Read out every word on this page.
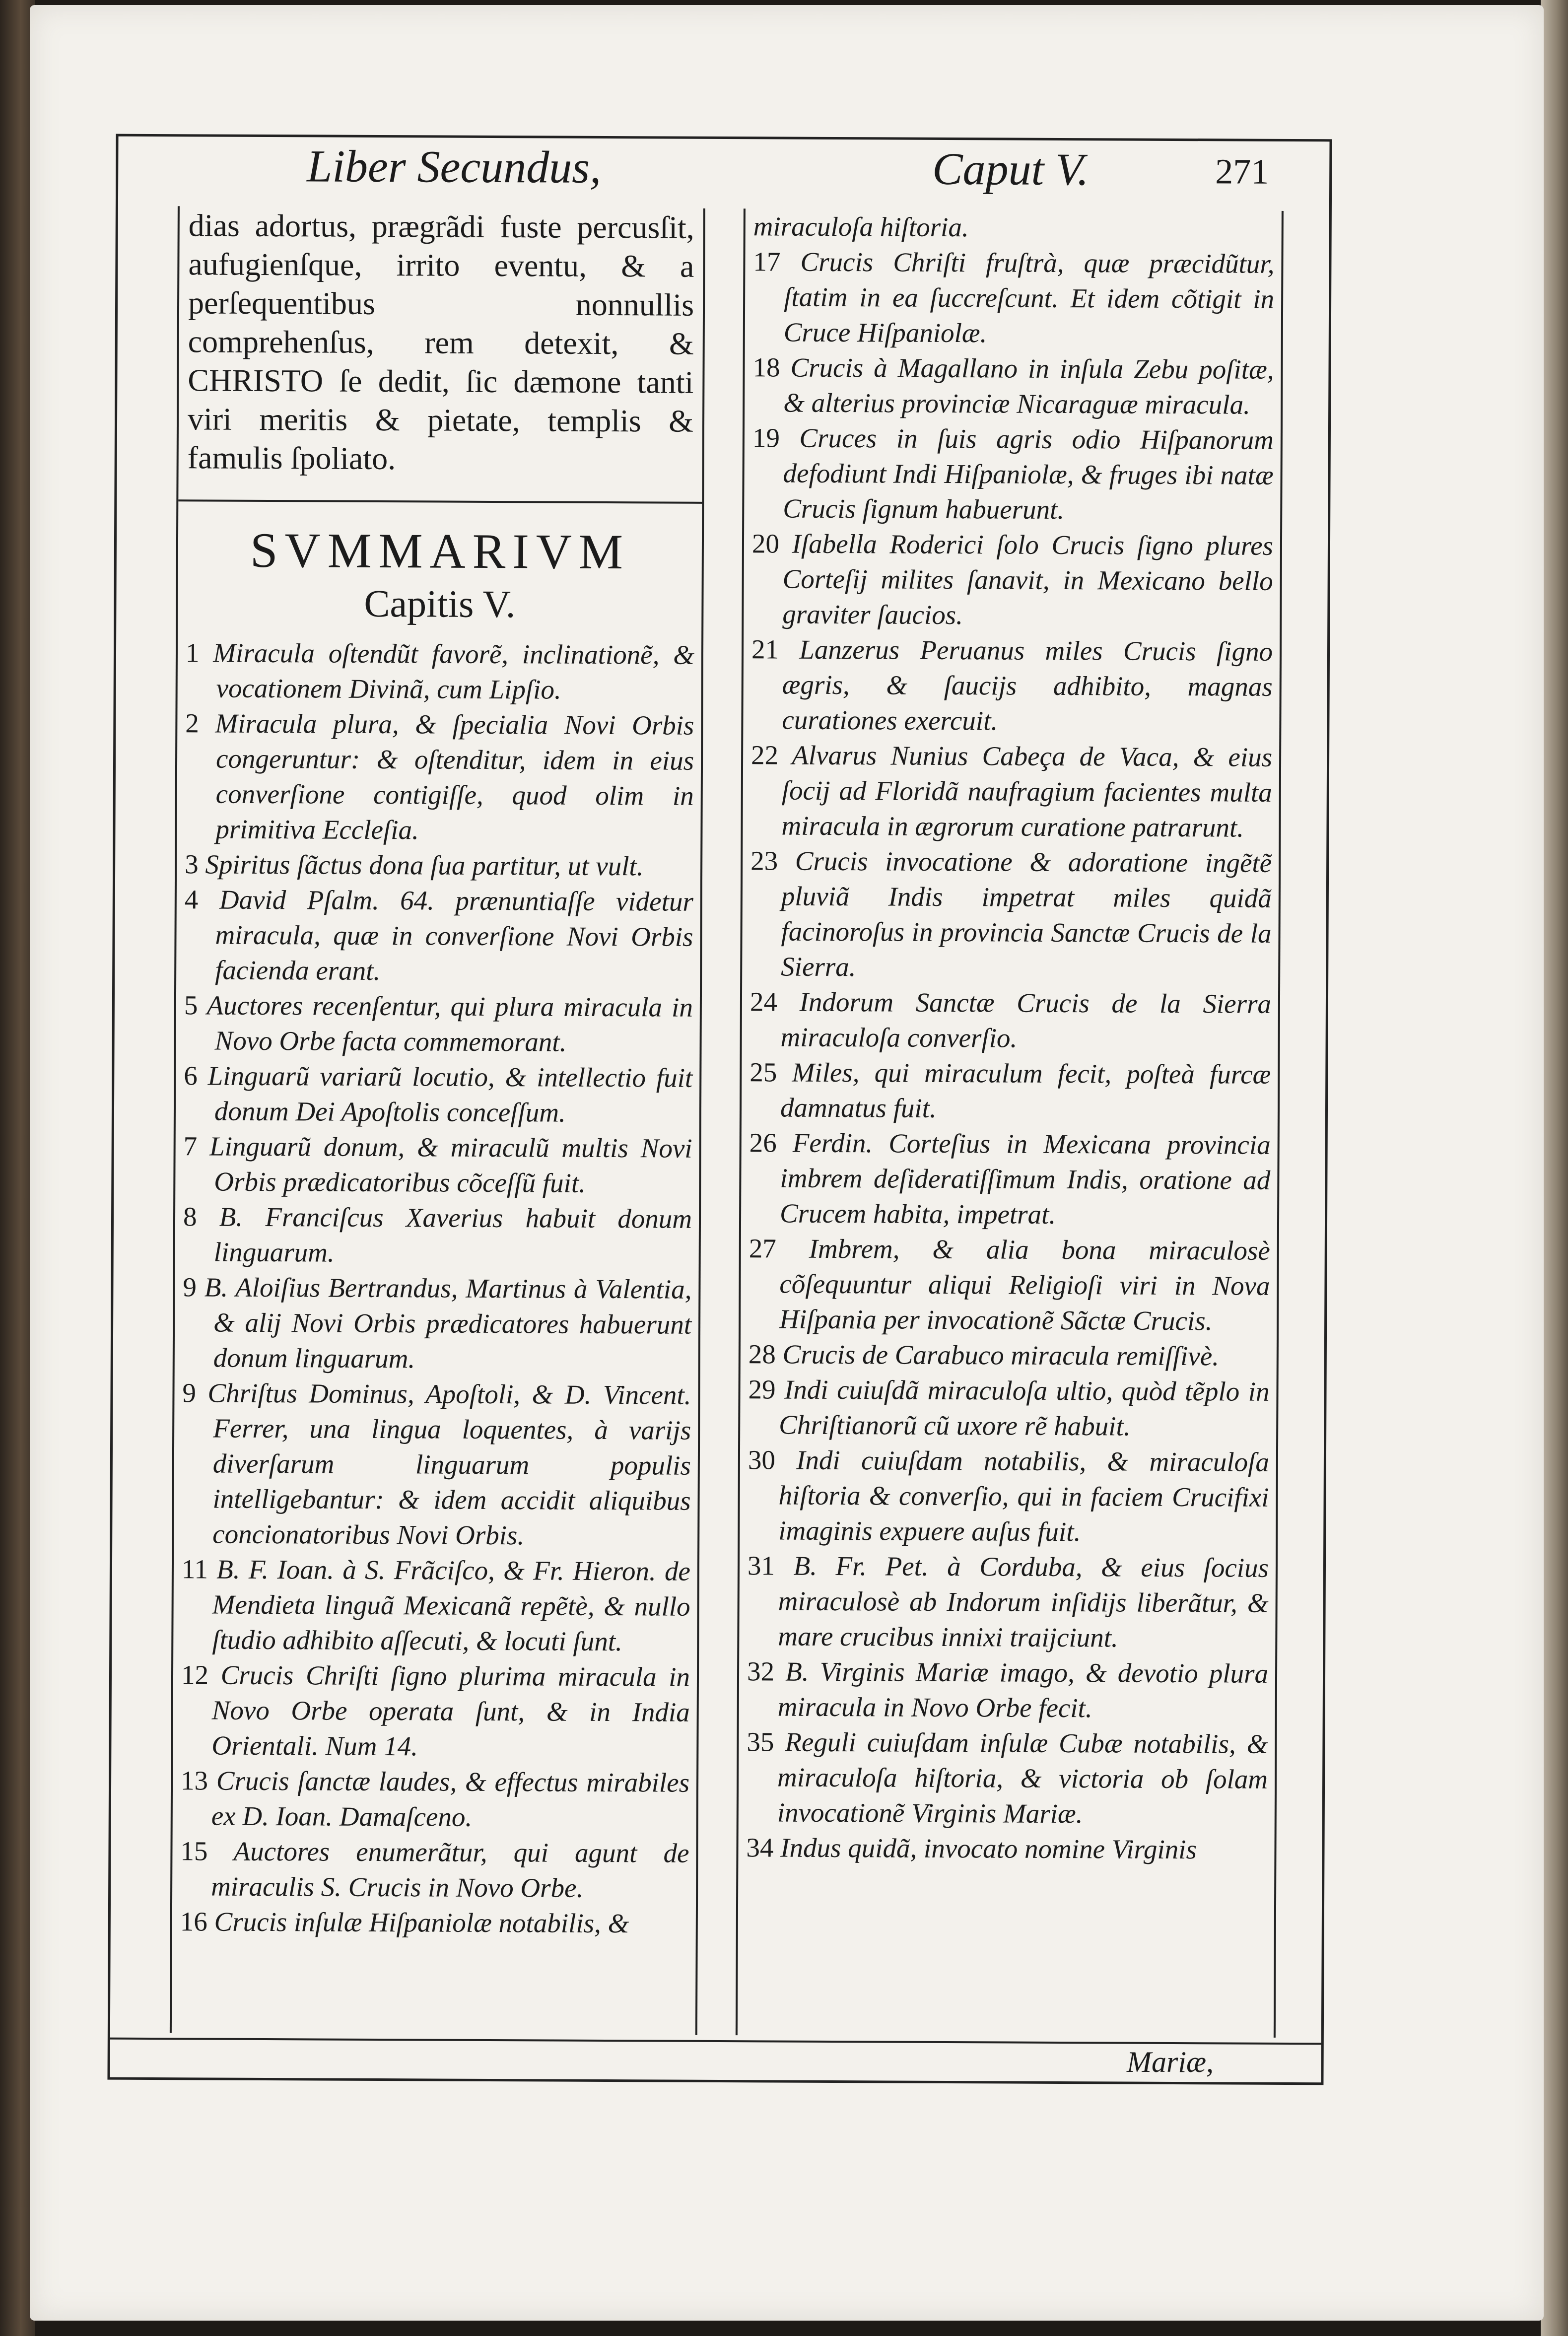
Liber Secundus,	Caput V.	271
dias adortus, prægrãdi fuste percusſit, aufugienſque, irrito eventu, & a perſequentibus nonnullis comprehenſus, rem detexit, & CHRISTO ſe dedit, ſic dæmone tanti viri meritis & pietate, templis & famulis ſpoliato.
SVMMARIVM
Capitis V.
1 Miracula oſtendũt favorẽ, inclinationẽ, & vocationem Divinã, cum Lipſio.
2 Miracula plura, & ſpecialia Novi Orbis congeruntur: & oſtenditur, idem in eius converſione contigiſſe, quod olim in primitiva Eccleſia.
3 Spiritus ſãctus dona ſua partitur, ut vult.
4 David Pſalm. 64. prænuntiaſſe videtur miracula, quæ in converſione Novi Orbis facienda erant.
5 Auctores recenſentur, qui plura miracula in Novo Orbe facta commemorant.
6 Linguarũ variarũ locutio, & intellectio fuit donum Dei Apoſtolis conceſſum.
7 Linguarũ donum, & miraculũ multis Novi Orbis prædicatoribus cõceſſũ fuit.
8 B. Franciſcus Xaverius habuit donum linguarum.
9 B. Aloiſius Bertrandus, Martinus à Valentia, & alij Novi Orbis prædicatores habuerunt donum linguarum.
9 Chriſtus Dominus, Apoſtoli, & D. Vincent. Ferrer, una lingua loquentes, à varijs diverſarum linguarum populis intelligebantur: & idem accidit aliquibus concionatoribus Novi Orbis.
11 B. F. Ioan. à S. Frãciſco, & Fr. Hieron. de Mendieta linguã Mexicanã repẽtè, & nullo ſtudio adhibito aſſecuti, & locuti ſunt.
12 Crucis Chriſti ſigno plurima miracula in Novo Orbe operata ſunt, & in India Orientali. Num 14.
13 Crucis ſanctæ laudes, & effectus mirabiles ex D. Ioan. Damaſceno.
15 Auctores enumerãtur, qui agunt de miraculis S. Crucis in Novo Orbe.
16 Crucis inſulæ Hiſpaniolæ notabilis, &
miraculoſa hiſtoria.
17 Crucis Chriſti fruſtrà, quæ præcidũtur, ſtatim in ea ſuccreſcunt. Et idem cõtigit in Cruce Hiſpaniolæ.
18 Crucis à Magallano in inſula Zebu poſitæ, & alterius provinciæ Nicaraguæ miracula.
19 Cruces in ſuis agris odio Hiſpanorum defodiunt Indi Hiſpaniolæ, & fruges ibi natæ Crucis ſignum habuerunt.
20 Iſabella Roderici ſolo Crucis ſigno plures Corteſij milites ſanavit, in Mexicano bello graviter ſaucios.
21 Lanzerus Peruanus miles Crucis ſigno ægris, & ſaucijs adhibito, magnas curationes exercuit.
22 Alvarus Nunius Cabeça de Vaca, & eius ſocij ad Floridã naufragium facientes multa miracula in ægrorum curatione patrarunt.
23 Crucis invocatione & adoratione ingẽtẽ pluviã Indis impetrat miles quidã facinoroſus in provincia Sanctæ Crucis de la Sierra.
24 Indorum Sanctæ Crucis de la Sierra miraculoſa converſio.
25 Miles, qui miraculum fecit, poſteà furcæ damnatus fuit.
26 Ferdin. Corteſius in Mexicana provincia imbrem deſideratiſſimum Indis, oratione ad Crucem habita, impetrat.
27 Imbrem, & alia bona miraculosè cõſequuntur aliqui Religioſi viri in Nova Hiſpania per invocationẽ Sãctæ Crucis.
28 Crucis de Carabuco miracula remiſſivè.
29 Indi cuiuſdã miraculoſa ultio, quòd tẽplo in Chriſtianorũ cũ uxore rẽ habuit.
30 Indi cuiuſdam notabilis, & miraculoſa hiſtoria & converſio, qui in faciem Crucifixi imaginis expuere auſus fuit.
31 B. Fr. Pet. à Corduba, & eius ſocius miraculosè ab Indorum inſidijs liberãtur, & mare crucibus innixi traijciunt.
32 B. Virginis Mariæ imago, & devotio plura miracula in Novo Orbe fecit.
35 Reguli cuiuſdam inſulæ Cubæ notabilis, & miraculoſa hiſtoria, & victoria ob ſolam invocationẽ Virginis Mariæ.
34 Indus quidã, invocato nomine Virginis
Mariæ,
